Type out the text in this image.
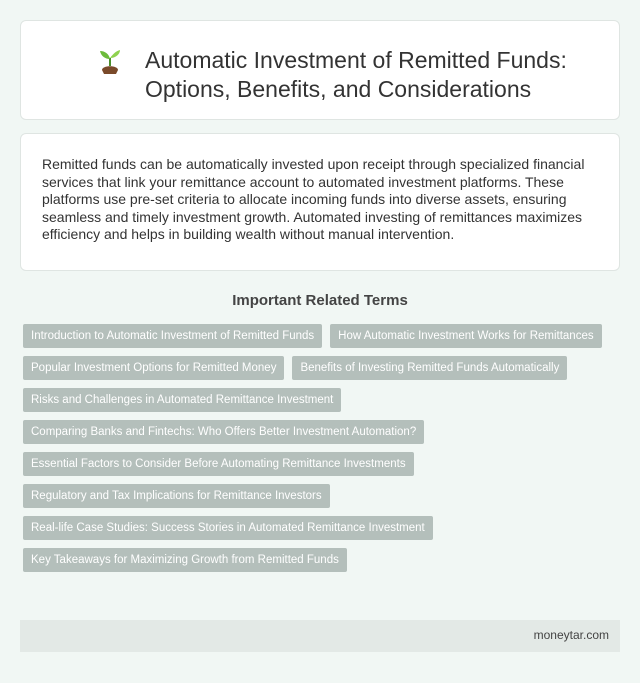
Automatic Investment of Remitted Funds:
Options, Benefits, and Considerations

Remitted funds can be automatically invested upon receipt through specialized financial services that link your remittance account to automated investment platforms. These platforms use pre-set criteria to allocate incoming funds into diverse assets, ensuring seamless and timely investment growth. Automated investing of remittances maximizes efficiency and helps in building wealth without manual intervention.

Important Related Terms
Introduction to Automatic Investment of Remitted Funds	How Automatic Investment Works for Remittances
Popular Investment Options for Remitted Money	Benefits of Investing Remitted Funds Automatically
Risks and Challenges in Automated Remittance Investment
Comparing Banks and Fintechs: Who Offers Better Investment Automation?
Essential Factors to Consider Before Automating Remittance Investments
Regulatory and Tax Implications for Remittance Investors
Real-life Case Studies: Success Stories in Automated Remittance Investment
Key Takeaways for Maximizing Growth from Remitted Funds
moneytar.com
